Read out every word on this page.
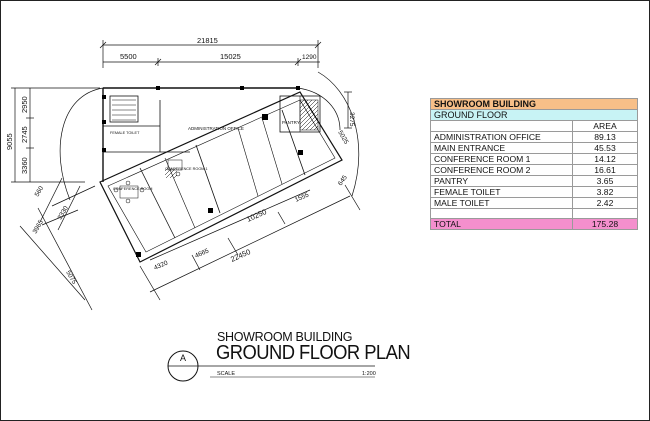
21815
5500	15025	1290
3275
5025
645
9055
2950
2745
3360
560
3330
3965
5075
10250
1555
4320
4665	22450
ADMINISTRATION OFFICE
PANTRY
FEMALE TOILET
CONFERENCE ROOM 1
CONFERENCE ROOM
A
SHOWROOM BUILDING	
GROUND FLOOR	
	AREA
ADMINISTRATION OFFICE	89.13
MAIN ENTRANCE	45.53
CONFERENCE ROOM 1	14.12
CONFERENCE ROOM 2	16.61
PANTRY	3.65
FEMALE TOILET	3.82
MALE TOILET	2.42

TOTAL	175.28
SHOWROOM BUILDING
GROUND FLOOR PLAN
SCALE	1:200
